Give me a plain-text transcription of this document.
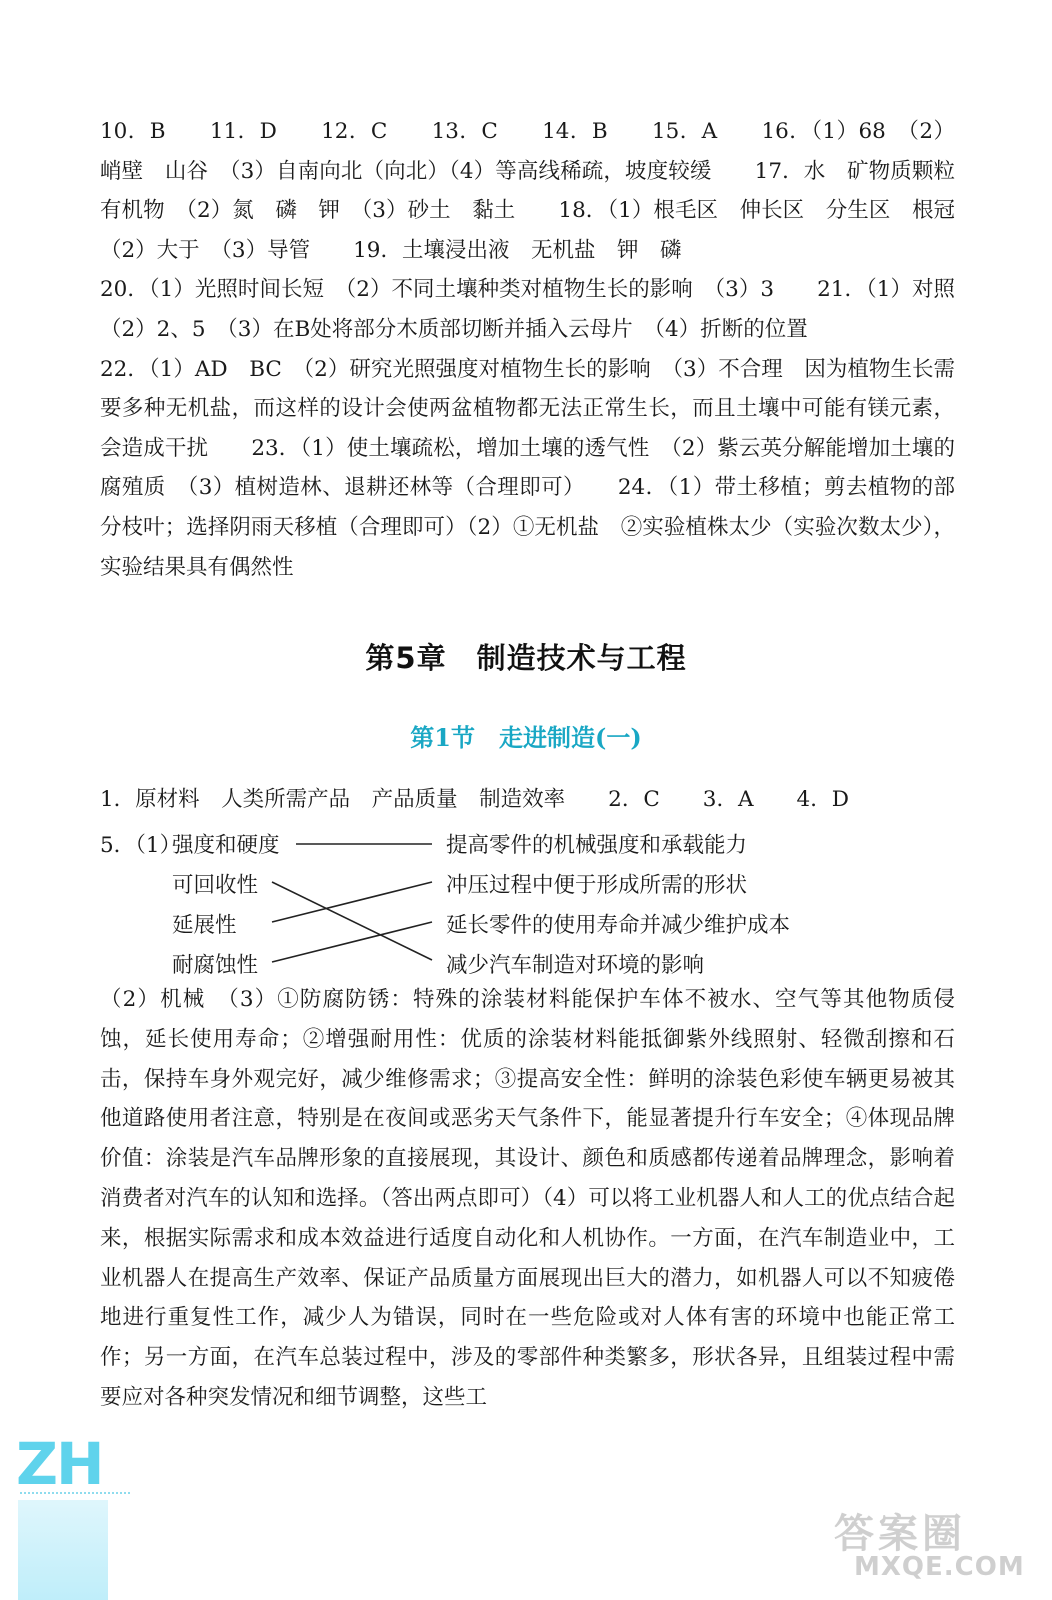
10．B　　11．D　　12．C　　13．C　　14．B　　15．A　　16．（1）68　（2）峭壁　山谷　（3）自南向北（向北）（4）等高线稀疏，坡度较缓　　17．水　矿物质颗粒　有机物　（2）氮　磷　钾　（3）砂土　黏土　　18．（1）根毛区　伸长区　分生区　根冠　（2）大于　（3）导管　　19．土壤浸出液　无机盐　钾　磷

20．（1）光照时间长短　（2）不同土壤种类对植物生长的影响　（3）3　　21．（1）对照　（2）2、5　（3）在B处将部分木质部切断并插入云母片　（4）折断的位置

22．（1）AD　BC　（2）研究光照强度对植物生长的影响　（3）不合理　因为植物生长需要多种无机盐，而这样的设计会使两盆植物都无法正常生长，而且土壤中可能有镁元素，会造成干扰　　23．（1）使土壤疏松，增加土壤的透气性　（2）紫云英分解能增加土壤的腐殖质　（3）植树造林、退耕还林等（合理即可）　　24．（1）带土移植；剪去植物的部分枝叶；选择阴雨天移植（合理即可）（2）①无机盐　②实验植株太少（实验次数太少），实验结果具有偶然性

第5章　制造技术与工程
第1节　走进制造(一)

1．原材料　人类所需产品　产品质量　制造效率　　2．C　　3．A　　4．D

5．（1）
强度和硬度
可回收性
延展性
耐腐蚀性
提高零件的机械强度和承载能力
冲压过程中便于形成所需的形状
延长零件的使用寿命并减少维护成本
减少汽车制造对环境的影响

（2）机械　（3）①防腐防锈：特殊的涂装材料能保护车体不被水、空气等其他物质侵蚀，延长使用寿命；②增强耐用性：优质的涂装材料能抵御紫外线照射、轻微刮擦和石击，保持车身外观完好，减少维修需求；③提高安全性：鲜明的涂装色彩使车辆更易被其他道路使用者注意，特别是在夜间或恶劣天气条件下，能显著提升行车安全；④体现品牌价值：涂装是汽车品牌形象的直接展现，其设计、颜色和质感都传递着品牌理念，影响着消费者对汽车的认知和选择。（答出两点即可）（4）可以将工业机器人和人工的优点结合起来，根据实际需求和成本效益进行适度自动化和人机协作。一方面，在汽车制造业中，工业机器人在提高生产效率、保证产品质量方面展现出巨大的潜力，如机器人可以不知疲倦地进行重复性工作，减少人为错误，同时在一些危险或对人体有害的环境中也能正常工作；另一方面，在汽车总装过程中，涉及的零部件种类繁多，形状各异，且组装过程中需要应对各种突发情况和细节调整，这些工

ZH
答案圈
MXQE.COM
